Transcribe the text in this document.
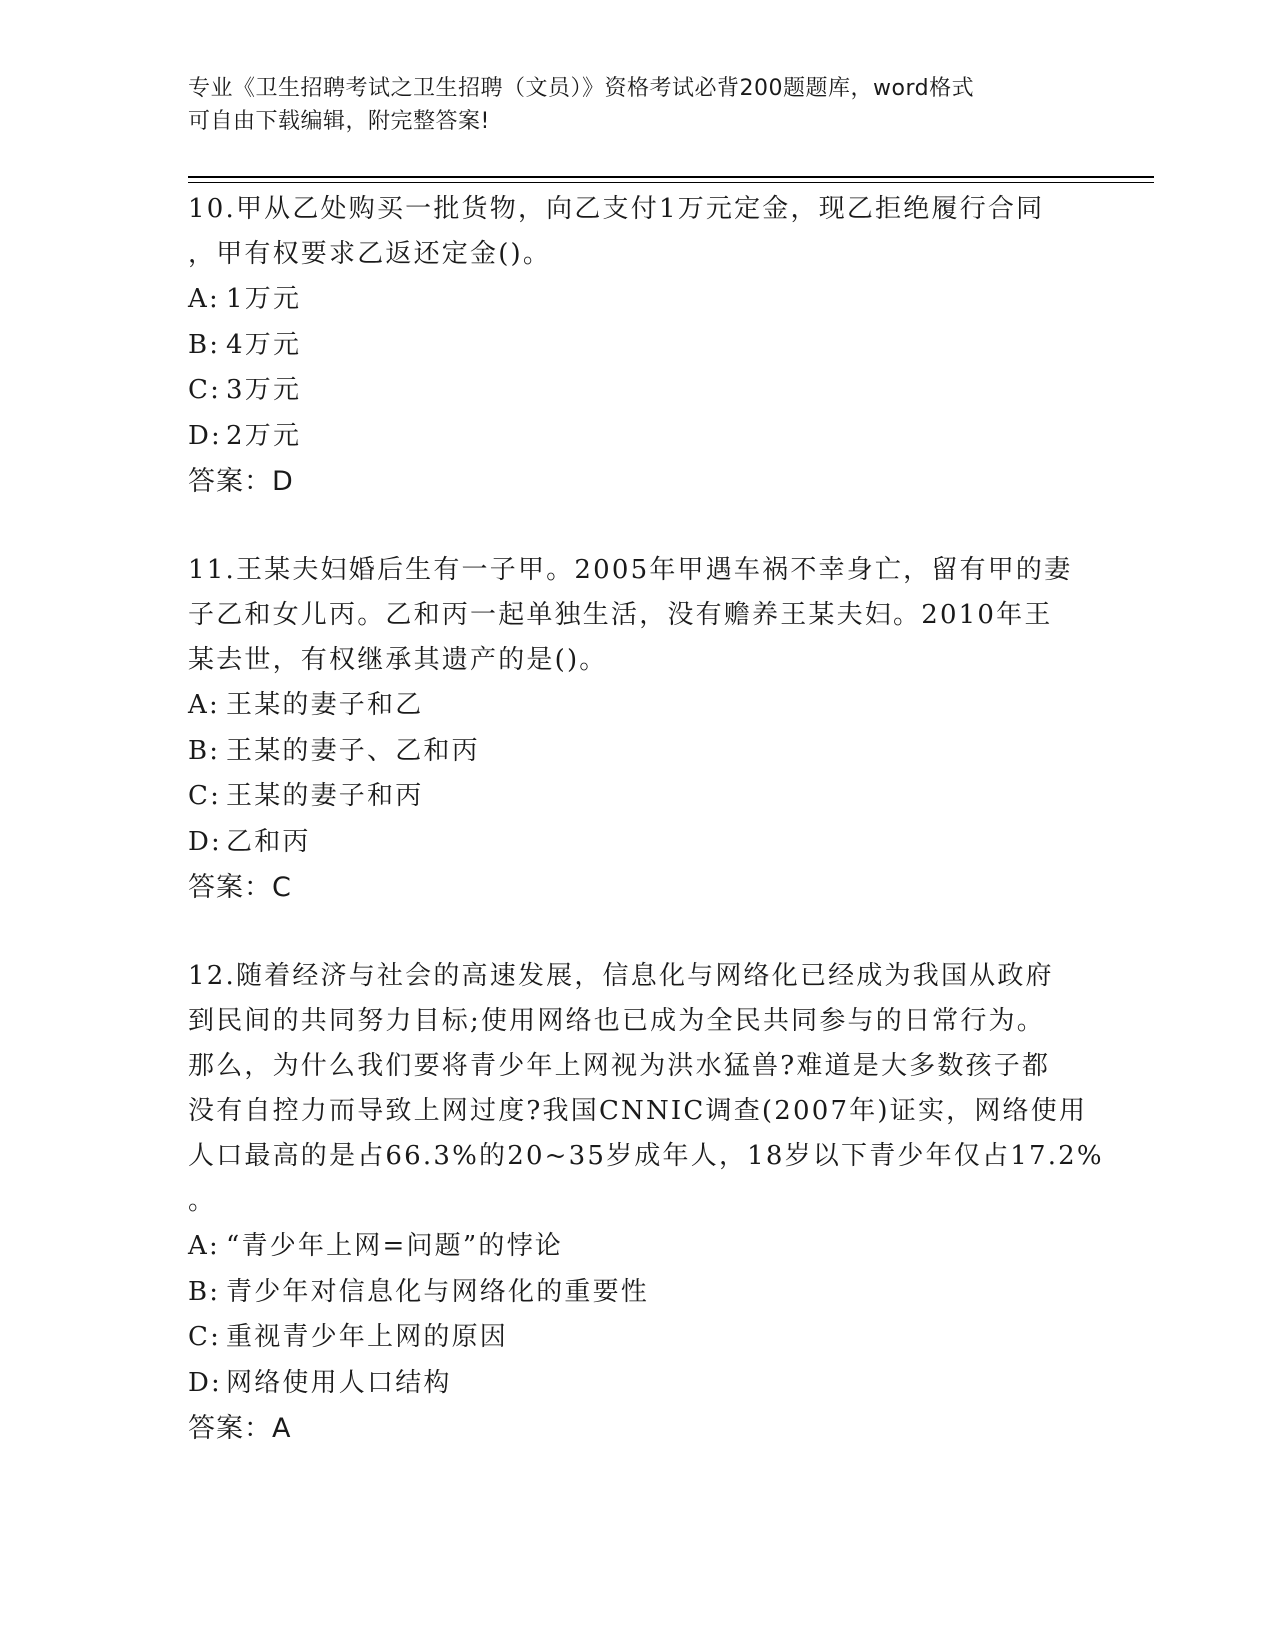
专业《卫生招聘考试之卫生招聘（文员）》资格考试必背200题题库，word格式
可自由下载编辑，附完整答案!
10.甲从乙处购买一批货物，向乙支付1万元定金，现乙拒绝履行合同
，甲有权要求乙返还定金()。
A: 1万元
B: 4万元
C: 3万元
D: 2万元
答案：D
11.王某夫妇婚后生有一子甲。2005年甲遇车祸不幸身亡，留有甲的妻
子乙和女儿丙。乙和丙一起单独生活，没有赡养王某夫妇。2010年王
某去世，有权继承其遗产的是()。
A: 王某的妻子和乙
B: 王某的妻子、乙和丙
C: 王某的妻子和丙
D: 乙和丙
答案：C
12.随着经济与社会的高速发展，信息化与网络化已经成为我国从政府
到民间的共同努力目标;使用网络也已成为全民共同参与的日常行为。
那么，为什么我们要将青少年上网视为洪水猛兽?难道是大多数孩子都
没有自控力而导致上网过度?我国CNNIC调查(2007年)证实，网络使用
人口最高的是占66.3%的20~35岁成年人，18岁以下青少年仅占17.2%
。
A: “青少年上网=问题”的悖论
B: 青少年对信息化与网络化的重要性
C: 重视青少年上网的原因
D: 网络使用人口结构
答案：A
